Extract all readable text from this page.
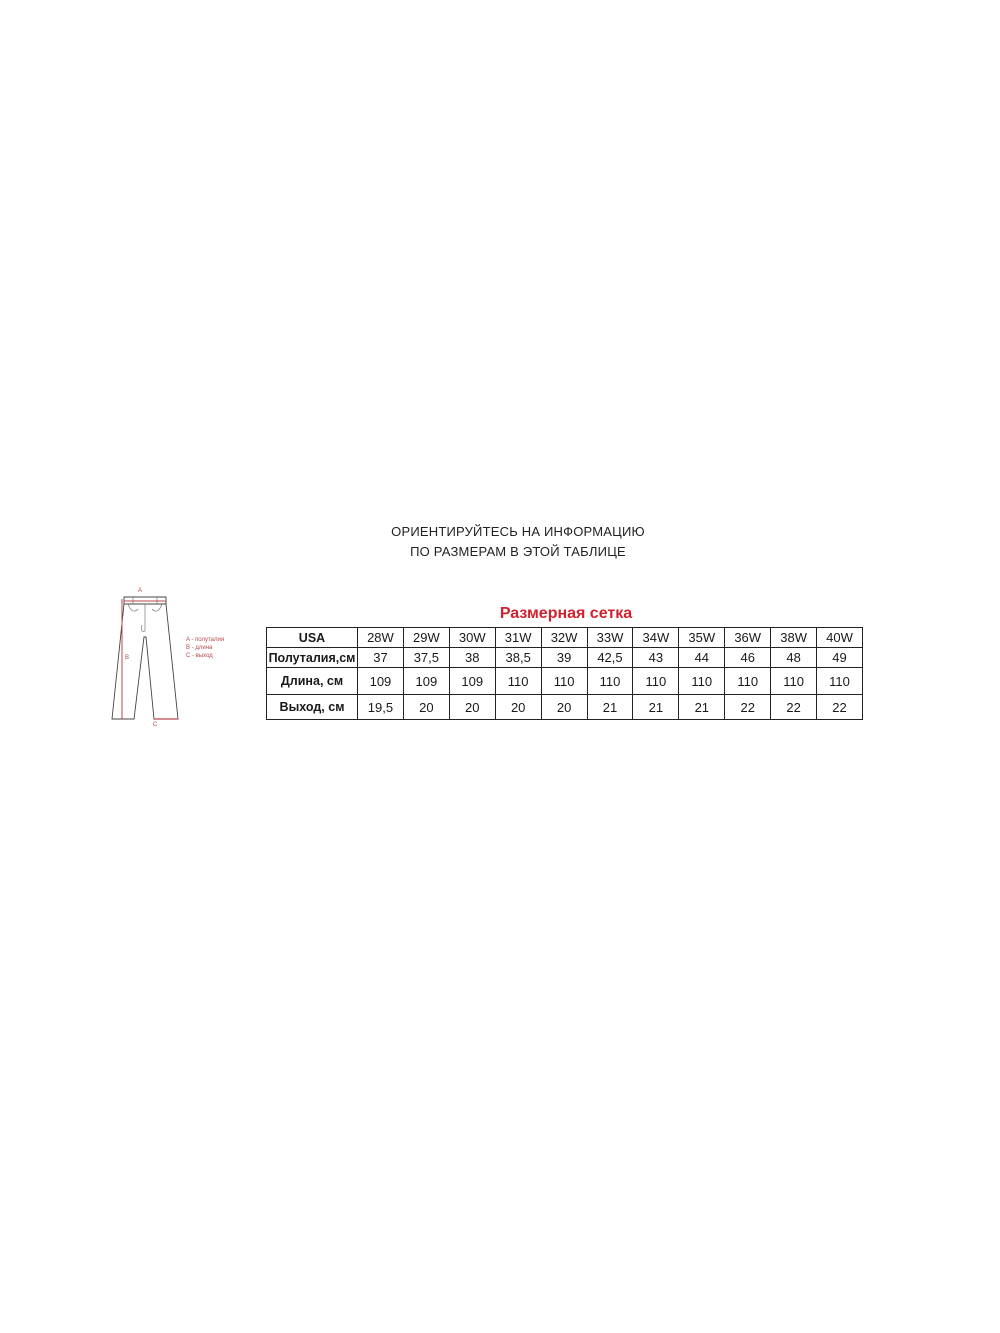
ОРИЕНТИРУЙТЕСЬ НА ИНФОРМАЦИЮ
ПО РАЗМЕРАМ В ЭТОЙ ТАБЛИЦЕ
A
B
C
A - полуталия
B - длина
C - выход
Размерная сетка
USA	28W	29W	30W	31W	32W	33W	34W	35W	36W	38W	40W
Полуталия,см	37	37,5	38	38,5	39	42,5	43	44	46	48	49
Длина, см	109	109	109	110	110	110	110	110	110	110	110
Выход, см	19,5	20	20	20	20	21	21	21	22	22	22
